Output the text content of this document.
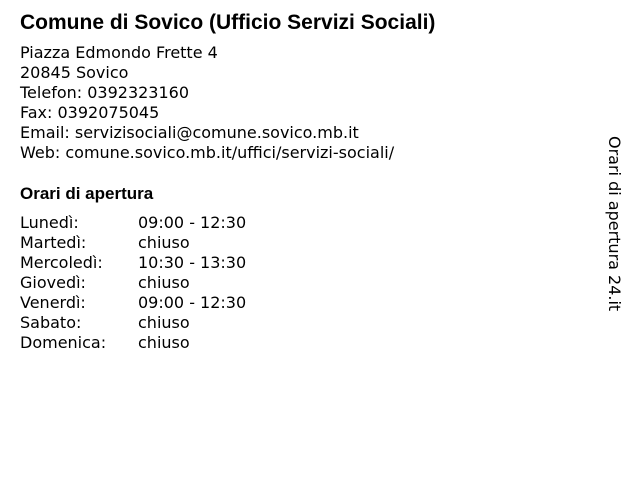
Comune di Sovico (Ufficio Servizi Sociali)
Piazza Edmondo Frette 4
20845 Sovico
Telefon: 0392323160
Fax: 0392075045
Email: servizisociali@comune.sovico.mb.it
Web: comune.sovico.mb.it/uffici/servizi-sociali/
Orari di apertura
Lunedì:	09:00 - 12:30
Martedì:	chiuso
Mercoledì: 10:30 - 13:30
Giovedì:	chiuso
Venerdì:	09:00 - 12:30
Sabato:	chiuso
Domenica: chiuso
Orari di apertura 24.it
